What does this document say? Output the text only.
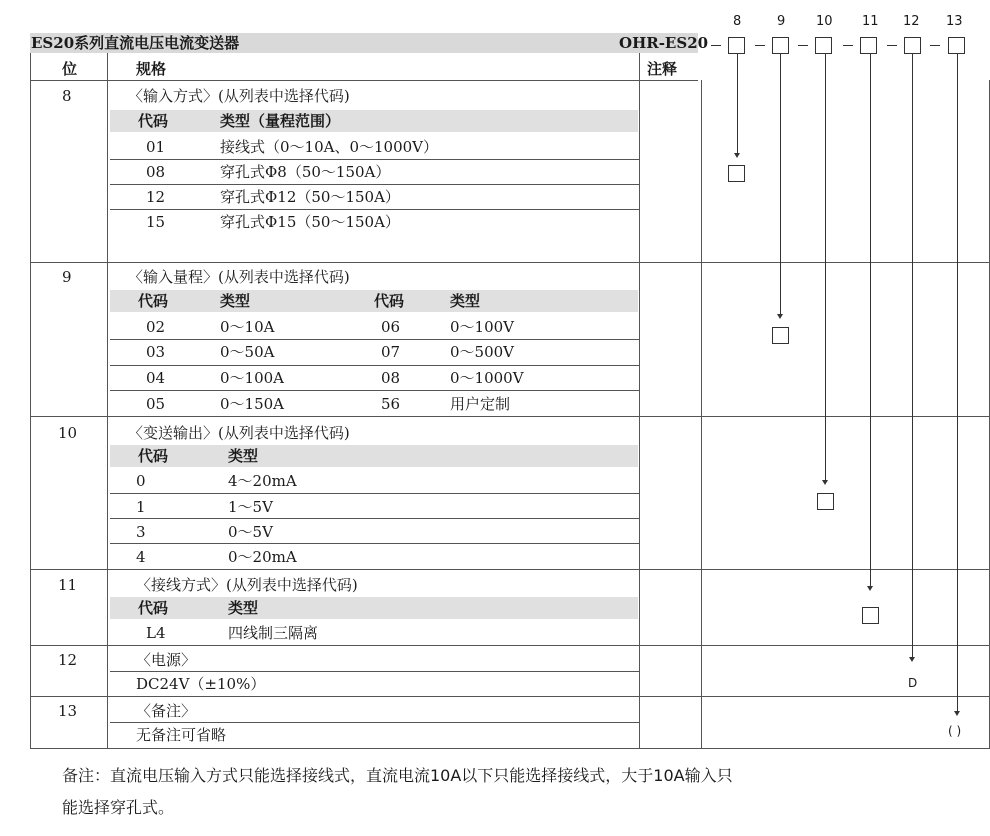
ES20系列直流电压电流变送器	OHR-ES20
位	规格	注释
8	〈输入方式〉(从列表中选择代码)
代码	类型（量程范围）
01	接线式（0～10A、0～1000V）
08	穿孔式Φ8（50～150A）
12	穿孔式Φ12（50～150A）
15	穿孔式Φ15（50～150A）
9	〈输入量程〉(从列表中选择代码)
代码	类型	代码	类型
02	0～10A	06	0～100V
03	0～50A	07	0～500V
04	0～100A	08	0～1000V
05	0～150A	56	用户定制
10	〈变送输出〉(从列表中选择代码)
代码	类型
0	4～20mA
1	1～5V
3	0～5V
4	0～20mA
11	〈接线方式〉(从列表中选择代码)
代码	类型
L4	四线制三隔离
12	〈电源〉
DC24V（±10%）
13	〈备注〉
无备注可省略
8	9 10 11 12 13
D
( )
备注：直流电压输入方式只能选择接线式，直流电流10A以下只能选择接线式，大于10A输入只
能选择穿孔式。
